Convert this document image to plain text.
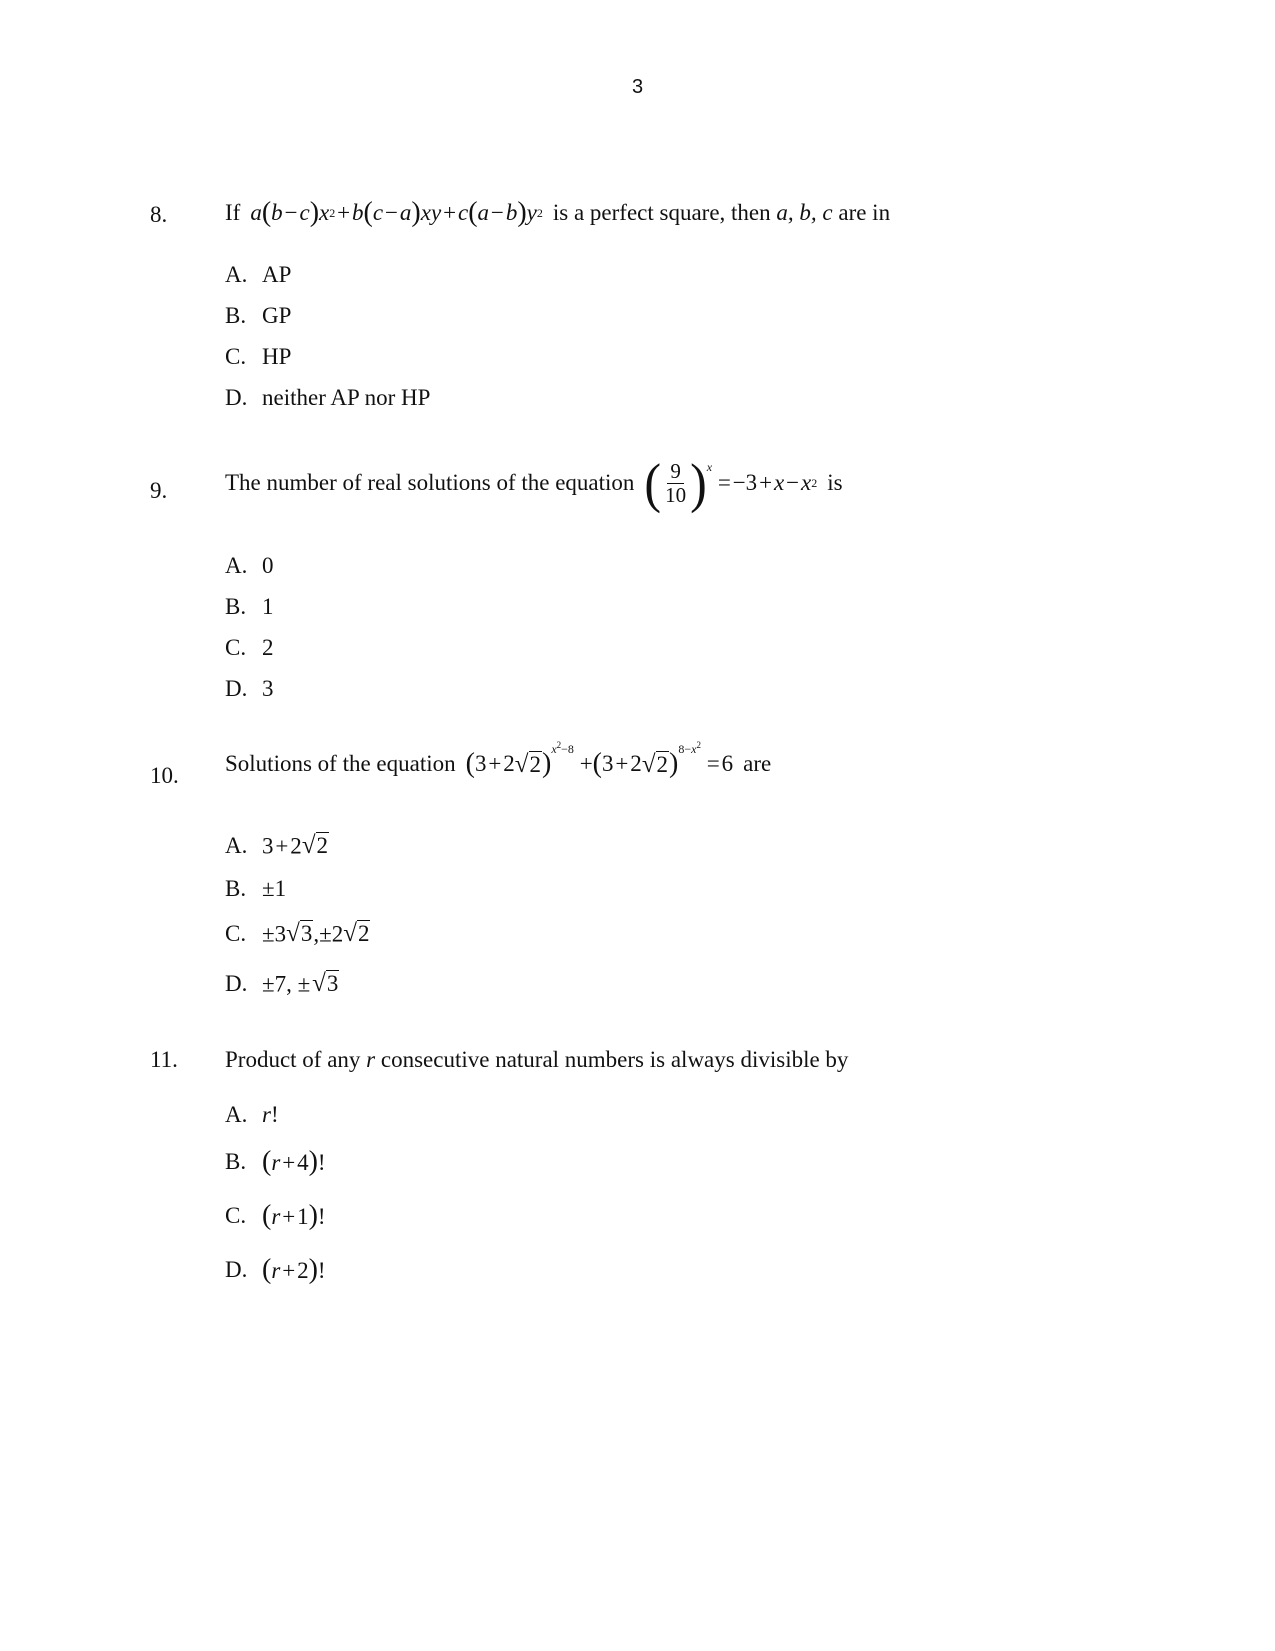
3
8.	If a ( b  −  c ) x 2  +  b ( c  −  a ) xy  +  c ( a  −  b ) y 2 is a perfect square, then
a, b, c
are in
A. AP
B. GP
C. HP
D. neither AP nor HP
9.	The number of real solutions of the equation ( $\frac{9}{10}$ ) x
= −3 +  x  −  x 2 is
A. 0
B. 1
C. 2
D. 3
10. Solutions of the equation ( 3 + 2 √ 2 ) $x^2-8$
+ ( 3 + 2 √ 2 ) $8-x^2$
= 6 are
A. 3 + 2 √ 2
B. ±1
C. ±3 √ 3 ,±2 √ 2
D. ±7, ±  √ 3
11. Product of any
r
consecutive natural numbers is always divisible by
A. r!
B. (r + 4)!
C. (r + 1)!
D. (r + 2)!
